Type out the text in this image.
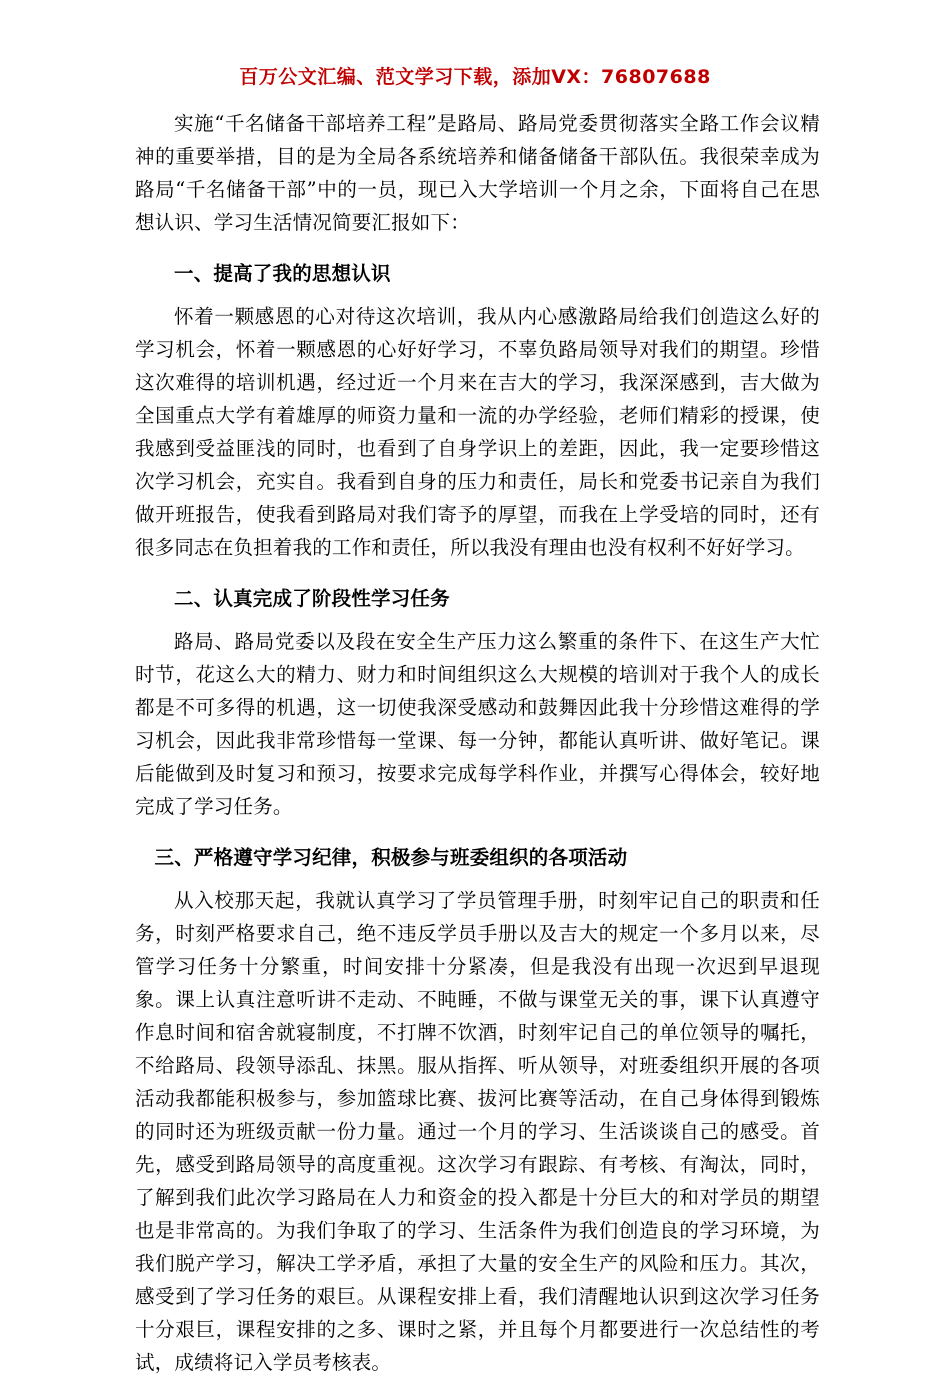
百万公文汇编、范文学习下载，添加VX：76807688

实施“千名储备干部培养工程”是路局、路局党委贯彻落实全路工作会议精神的重要举措，目的是为全局各系统培养和储备储备干部队伍。我很荣幸成为路局“千名储备干部”中的一员，现已入大学培训一个月之余，下面将自己在思想认识、学习生活情况简要汇报如下：

一、提高了我的思想认识

怀着一颗感恩的心对待这次培训，我从内心感激路局给我们创造这么好的学习机会，怀着一颗感恩的心好好学习，不辜负路局领导对我们的期望。珍惜这次难得的培训机遇，经过近一个月来在吉大的学习，我深深感到，吉大做为全国重点大学有着雄厚的师资力量和一流的办学经验，老师们精彩的授课，使我感到受益匪浅的同时，也看到了自身学识上的差距，因此，我一定要珍惜这次学习机会，充实自。我看到自身的压力和责任，局长和党委书记亲自为我们做开班报告，使我看到路局对我们寄予的厚望，而我在上学受培的同时，还有很多同志在负担着我的工作和责任，所以我没有理由也没有权利不好好学习。

二、认真完成了阶段性学习任务

路局、路局党委以及段在安全生产压力这么繁重的条件下、在这生产大忙时节，花这么大的精力、财力和时间组织这么大规模的培训对于我个人的成长都是不可多得的机遇，这一切使我深受感动和鼓舞因此我十分珍惜这难得的学习机会，因此我非常珍惜每一堂课、每一分钟，都能认真听讲、做好笔记。课后能做到及时复习和预习，按要求完成每学科作业，并撰写心得体会，较好地完成了学习任务。

三、严格遵守学习纪律，积极参与班委组织的各项活动

从入校那天起，我就认真学习了学员管理手册，时刻牢记自己的职责和任务，时刻严格要求自己，绝不违反学员手册以及吉大的规定一个多月以来，尽管学习任务十分繁重，时间安排十分紧凑，但是我没有出现一次迟到早退现象。课上认真注意听讲不走动、不盹睡，不做与课堂无关的事，课下认真遵守作息时间和宿舍就寝制度，不打牌不饮酒，时刻牢记自己的单位领导的嘱托，不给路局、段领导添乱、抹黑。服从指挥、听从领导，对班委组织开展的各项活动我都能积极参与，参加篮球比赛、拔河比赛等活动，在自己身体得到锻炼的同时还为班级贡献一份力量。通过一个月的学习、生活谈谈自己的感受。首先，感受到路局领导的高度重视。这次学习有跟踪、有考核、有淘汰，同时，了解到我们此次学习路局在人力和资金的投入都是十分巨大的和对学员的期望也是非常高的。为我们争取了的学习、生活条件为我们创造良的学习环境，为我们脱产学习，解决工学矛盾，承担了大量的安全生产的风险和压力。其次，感受到了学习任务的艰巨。从课程安排上看，我们清醒地认识到这次学习任务十分艰巨，课程安排的之多、课时之紧，并且每个月都要进行一次总结性的考试，成绩将记入学员考核表。
